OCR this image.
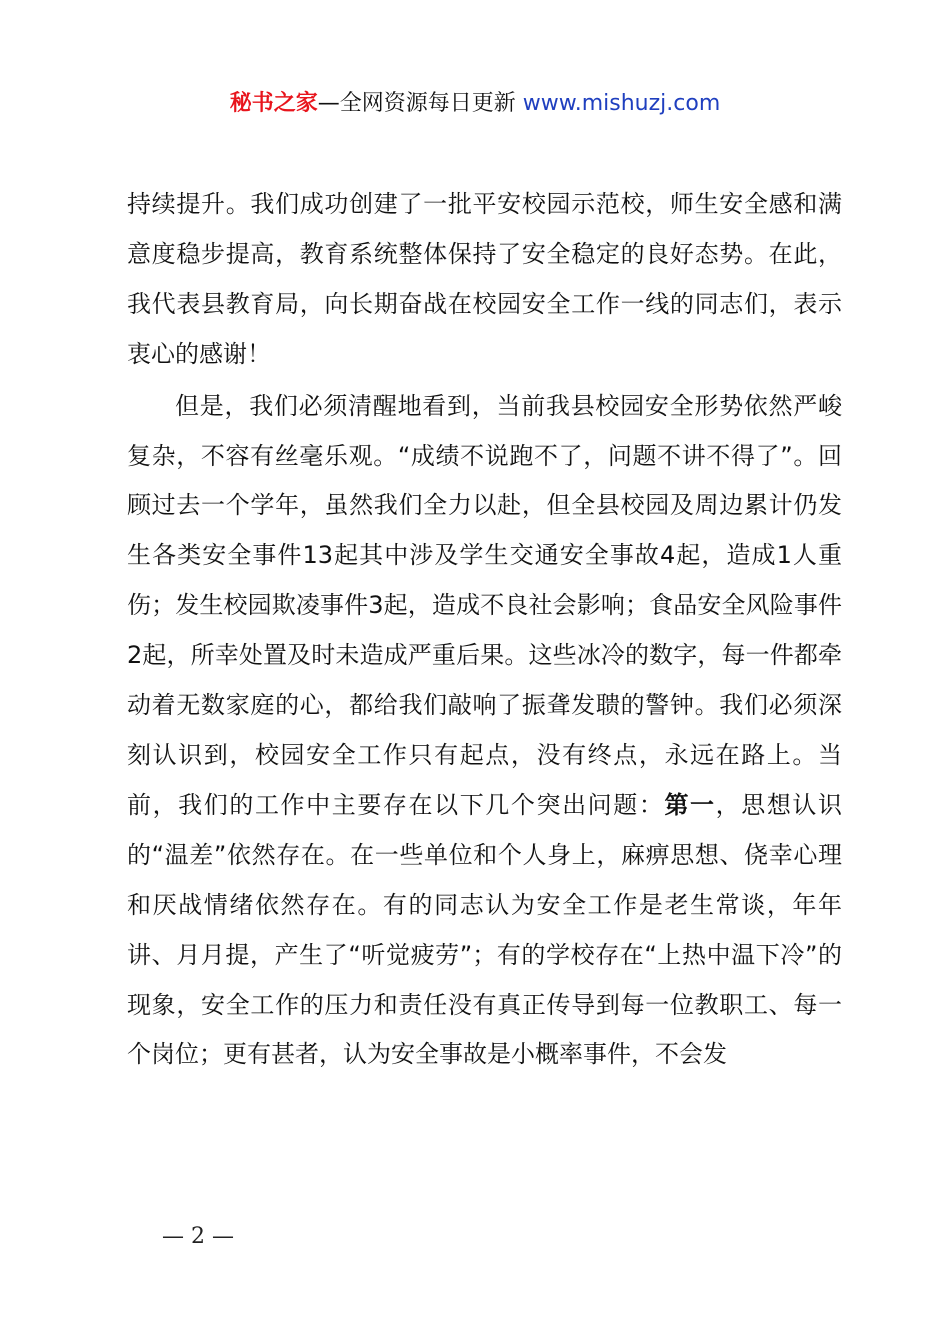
秘书之家—全网资源每日更新 www.mishuzj.com

持续提升。我们成功创建了一批平安校园示范校，师生安全感和满意度稳步提高，教育系统整体保持了安全稳定的良好态势。在此，我代表县教育局，向长期奋战在校园安全工作一线的同志们，表示衷心的感谢！

但是，我们必须清醒地看到，当前我县校园安全形势依然严峻复杂，不容有丝毫乐观。“成绩不说跑不了，问题不讲不得了”。回顾过去一个学年，虽然我们全力以赴，但全县校园及周边累计仍发生各类安全事件13起其中涉及学生交通安全事故4起，造成1人重伤；发生校园欺凌事件3起，造成不良社会影响；食品安全风险事件2起，所幸处置及时未造成严重后果。这些冰冷的数字，每一件都牵动着无数家庭的心，都给我们敲响了振聋发聩的警钟。我们必须深刻认识到，校园安全工作只有起点，没有终点，永远在路上。当前，我们的工作中主要存在以下几个突出问题：第一，思想认识的“温差”依然存在。在一些单位和个人身上，麻痹思想、侥幸心理和厌战情绪依然存在。有的同志认为安全工作是老生常谈，年年讲、月月提，产生了“听觉疲劳”；有的学校存在“上热中温下冷”的现象，安全工作的压力和责任没有真正传导到每一位教职工、每一个岗位；更有甚者，认为安全事故是小概率事件，不会发

— 2 —
